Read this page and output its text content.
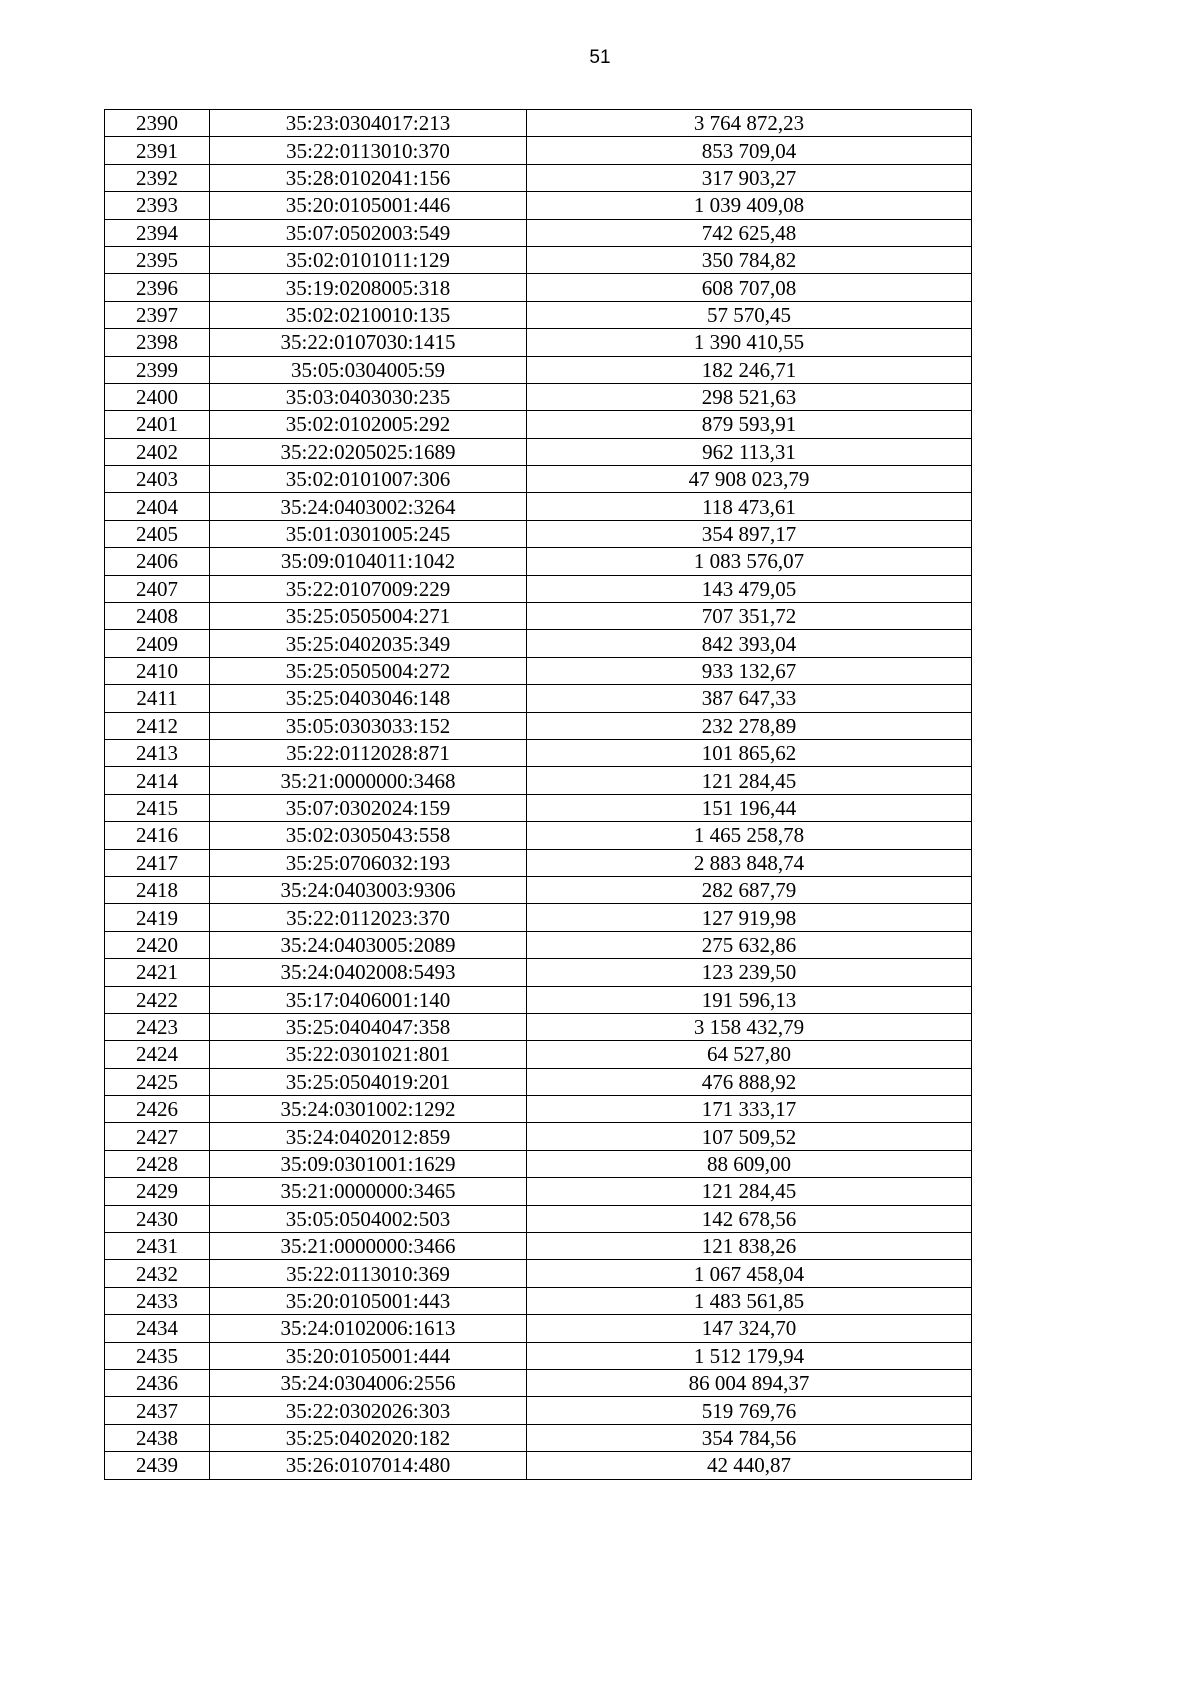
51
2390	35:23:0304017:213	3 764 872,23
2391	35:22:0113010:370	853 709,04
2392	35:28:0102041:156	317 903,27
2393	35:20:0105001:446	1 039 409,08
2394	35:07:0502003:549	742 625,48
2395	35:02:0101011:129	350 784,82
2396	35:19:0208005:318	608 707,08
2397	35:02:0210010:135	57 570,45
2398	35:22:0107030:1415	1 390 410,55
2399	35:05:0304005:59	182 246,71
2400	35:03:0403030:235	298 521,63
2401	35:02:0102005:292	879 593,91
2402	35:22:0205025:1689	962 113,31
2403	35:02:0101007:306	47 908 023,79
2404	35:24:0403002:3264	118 473,61
2405	35:01:0301005:245	354 897,17
2406	35:09:0104011:1042	1 083 576,07
2407	35:22:0107009:229	143 479,05
2408	35:25:0505004:271	707 351,72
2409	35:25:0402035:349	842 393,04
2410	35:25:0505004:272	933 132,67
2411	35:25:0403046:148	387 647,33
2412	35:05:0303033:152	232 278,89
2413	35:22:0112028:871	101 865,62
2414	35:21:0000000:3468	121 284,45
2415	35:07:0302024:159	151 196,44
2416	35:02:0305043:558	1 465 258,78
2417	35:25:0706032:193	2 883 848,74
2418	35:24:0403003:9306	282 687,79
2419	35:22:0112023:370	127 919,98
2420	35:24:0403005:2089	275 632,86
2421	35:24:0402008:5493	123 239,50
2422	35:17:0406001:140	191 596,13
2423	35:25:0404047:358	3 158 432,79
2424	35:22:0301021:801	64 527,80
2425	35:25:0504019:201	476 888,92
2426	35:24:0301002:1292	171 333,17
2427	35:24:0402012:859	107 509,52
2428	35:09:0301001:1629	88 609,00
2429	35:21:0000000:3465	121 284,45
2430	35:05:0504002:503	142 678,56
2431	35:21:0000000:3466	121 838,26
2432	35:22:0113010:369	1 067 458,04
2433	35:20:0105001:443	1 483 561,85
2434	35:24:0102006:1613	147 324,70
2435	35:20:0105001:444	1 512 179,94
2436	35:24:0304006:2556	86 004 894,37
2437	35:22:0302026:303	519 769,76
2438	35:25:0402020:182	354 784,56
2439	35:26:0107014:480	42 440,87
